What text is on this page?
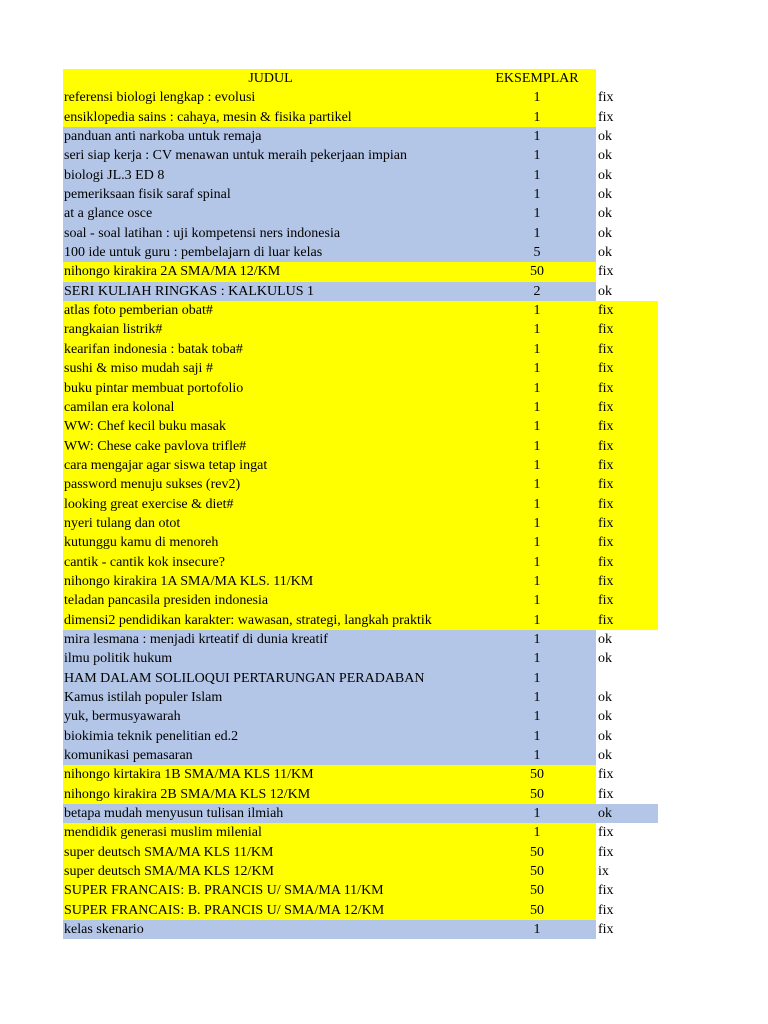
JUDUL	EKSEMPLAR
referensi biologi lengkap : evolusi	1	fix
ensiklopedia sains : cahaya, mesin & fisika partikel	1	fix
panduan anti narkoba untuk remaja	1	ok
seri siap kerja : CV menawan untuk meraih pekerjaan impian	1	ok
biologi JL.3 ED 8	1	ok
pemeriksaan fisik saraf spinal	1	ok
at a glance osce	1	ok
soal - soal latihan : uji kompetensi ners indonesia	1	ok
100 ide untuk guru : pembelajarn di luar kelas	5	ok
nihongo kirakira 2A SMA/MA 12/KM	50	fix
SERI KULIAH RINGKAS : KALKULUS 1	2	ok
atlas foto pemberian obat#	1	fix
rangkaian listrik#	1	fix
kearifan indonesia : batak toba#	1	fix
sushi & miso mudah saji #	1	fix
buku pintar membuat portofolio	1	fix
camilan era kolonal	1	fix
WW: Chef kecil buku masak	1	fix
WW: Chese cake pavlova trifle#	1	fix
cara mengajar agar siswa tetap ingat	1	fix
password menuju sukses (rev2)	1	fix
looking great exercise & diet#	1	fix
nyeri tulang dan otot	1	fix
kutunggu kamu di menoreh	1	fix
cantik - cantik kok insecure?	1	fix
nihongo kirakira 1A SMA/MA KLS. 11/KM	1	fix
teladan pancasila presiden indonesia	1	fix
dimensi2 pendidikan karakter: wawasan, strategi, langkah praktik	1	fix
mira lesmana : menjadi krteatif di dunia kreatif	1	ok
ilmu politik hukum	1	ok
HAM DALAM SOLILOQUI PERTARUNGAN PERADABAN	1
Kamus istilah populer Islam	1	ok
yuk, bermusyawarah	1	ok
biokimia teknik penelitian ed.2	1	ok
komunikasi pemasaran	1	ok
nihongo kirtakira 1B SMA/MA KLS 11/KM	50	fix
nihongo kirakira 2B SMA/MA KLS 12/KM	50	fix
betapa mudah menyusun tulisan ilmiah	1	ok
mendidik generasi muslim milenial	1	fix
super deutsch SMA/MA KLS 11/KM	50	fix
super deutsch SMA/MA KLS 12/KM	50	ix
SUPER FRANCAIS: B. PRANCIS U/ SMA/MA 11/KM	50	fix
SUPER FRANCAIS: B. PRANCIS U/ SMA/MA 12/KM	50	fix
kelas skenario	1	fix
